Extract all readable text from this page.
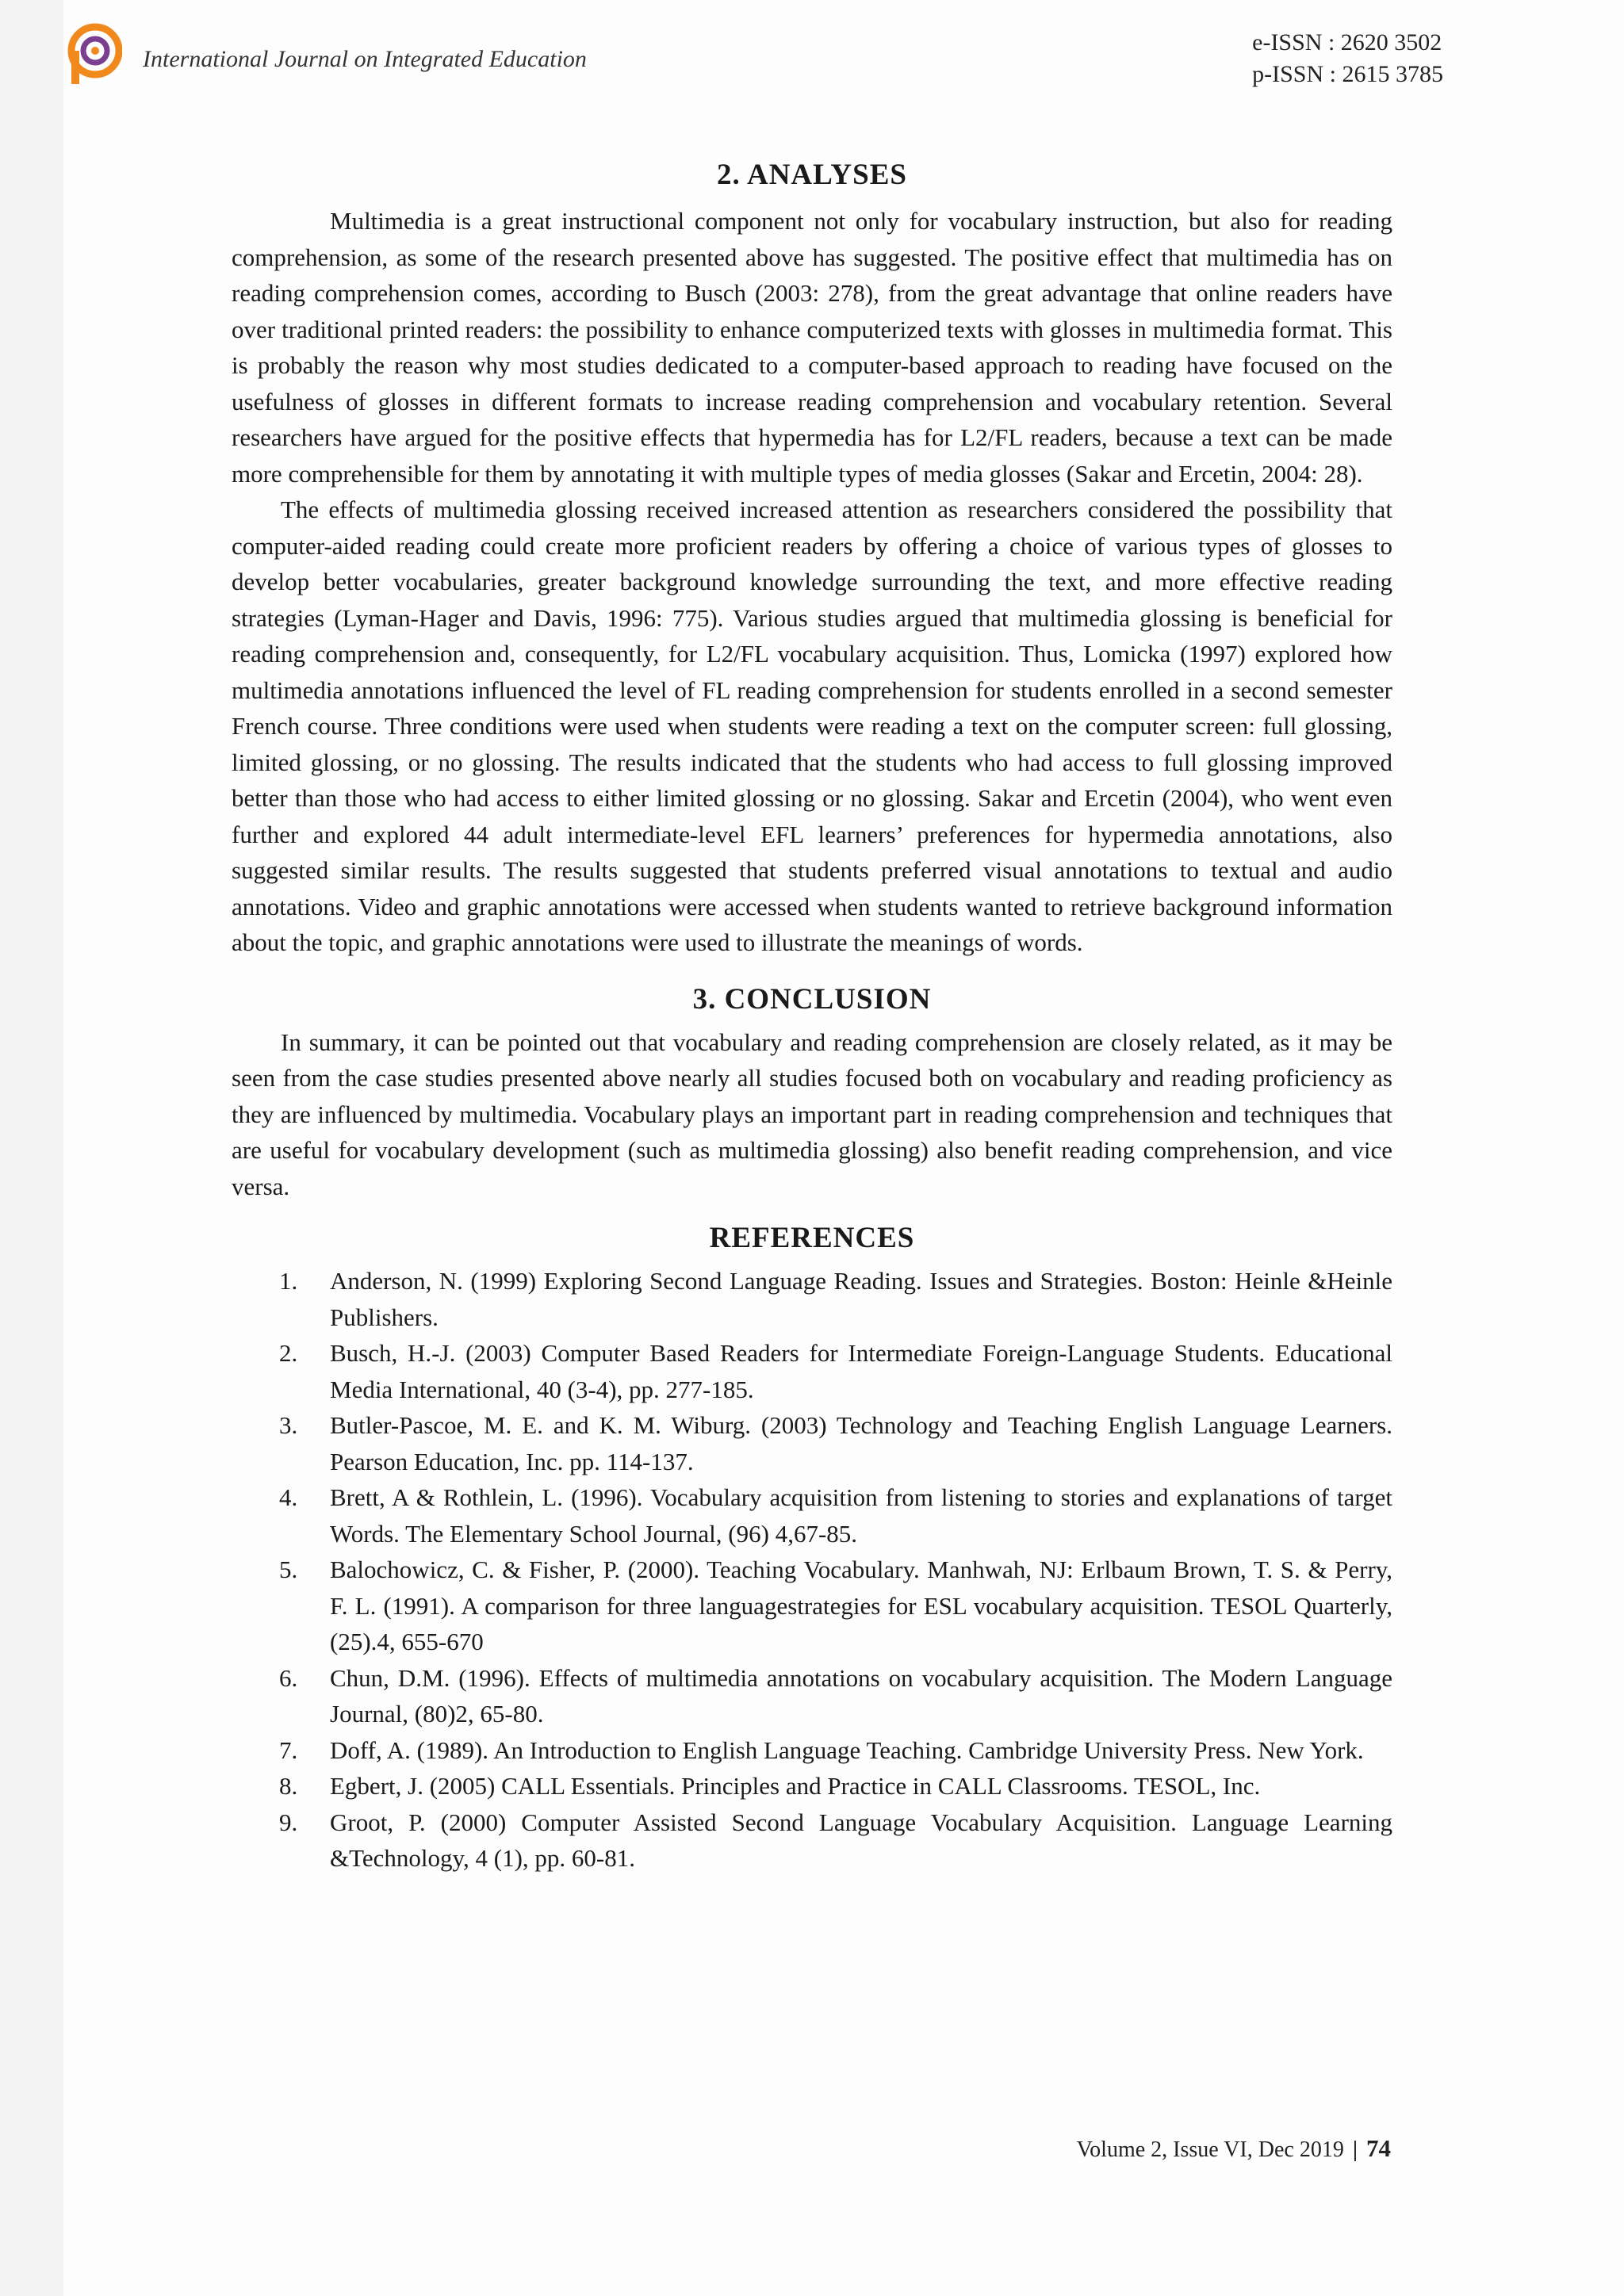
International Journal on Integrated Education
e-ISSN : 2620 3502
p-ISSN : 2615 3785
2. ANALYSES

Multimedia is a great instructional component not only for vocabulary instruction, but also for reading comprehension, as some of the research presented above has suggested. The positive effect that multimedia has on reading comprehension comes, according to Busch (2003: 278), from the great advantage that online readers have over traditional printed readers: the possibility to enhance computerized texts with glosses in multimedia format. This is probably the reason why most studies dedicated to a computer-based approach to reading have focused on the usefulness of glosses in different formats to increase reading comprehension and vocabulary retention. Several researchers have argued for the positive effects that hypermedia has for L2/FL readers, because a text can be made more comprehensible for them by annotating it with multiple types of media glosses (Sakar and Ercetin, 2004: 28).

The effects of multimedia glossing received increased attention as researchers considered the possibility that computer-aided reading could create more proficient readers by offering a choice of various types of glosses to develop better vocabularies, greater background knowledge surrounding the text, and more effective reading strategies (Lyman-Hager and Davis, 1996: 775). Various studies argued that multimedia glossing is beneficial for reading comprehension and, consequently, for L2/FL vocabulary acquisition. Thus, Lomicka (1997) explored how multimedia annotations influenced the level of FL reading comprehension for students enrolled in a second semester French course. Three conditions were used when students were reading a text on the computer screen: full glossing, limited glossing, or no glossing. The results indicated that the students who had access to full glossing improved better than those who had access to either limited glossing or no glossing. Sakar and Ercetin (2004), who went even further and explored 44 adult intermediate-level EFL learners’ preferences for hypermedia annotations, also suggested similar results. The results suggested that students preferred visual annotations to textual and audio annotations. Video and graphic annotations were accessed when students wanted to retrieve background information about the topic, and graphic annotations were used to illustrate the meanings of words.

3. CONCLUSION

In summary, it can be pointed out that vocabulary and reading comprehension are closely related, as it may be seen from the case studies presented above nearly all studies focused both on vocabulary and reading proficiency as they are influenced by multimedia. Vocabulary plays an important part in reading comprehension and techniques that are useful for vocabulary development (such as multimedia glossing) also benefit reading comprehension, and vice versa.

REFERENCES
1. Anderson, N. (1999) Exploring Second Language Reading. Issues and Strategies. Boston: Heinle &Heinle Publishers.
2. Busch, H.-J. (2003) Computer Based Readers for Intermediate Foreign-Language Students. Educational Media International, 40 (3-4), pp. 277-185.
3. Butler-Pascoe, M. E. and K. M. Wiburg. (2003) Technology and Teaching English Language Learners. Pearson Education, Inc. pp. 114-137.
4. Brett, A & Rothlein, L. (1996). Vocabulary acquisition from listening to stories and explanations of target Words. The Elementary School Journal, (96) 4,67-85.
5. Balochowicz, C. & Fisher, P. (2000). Teaching Vocabulary. Manhwah, NJ: Erlbaum Brown, T. S. & Perry, F. L. (1991). A comparison for three languagestrategies for ESL vocabulary acquisition. TESOL Quarterly, (25).4, 655-670
6. Chun, D.M. (1996). Effects of multimedia annotations on vocabulary acquisition. The Modern Language Journal, (80)2, 65-80.
7. Doff, A. (1989). An Introduction to English Language Teaching. Cambridge University Press. New York.
8. Egbert, J. (2005) CALL Essentials. Principles and Practice in CALL Classrooms. TESOL, Inc.
9. Groot, P. (2000) Computer Assisted Second Language Vocabulary Acquisition. Language Learning &Technology, 4 (1), pp. 60-81.
Volume 2, Issue VI, Dec 2019 | 74
